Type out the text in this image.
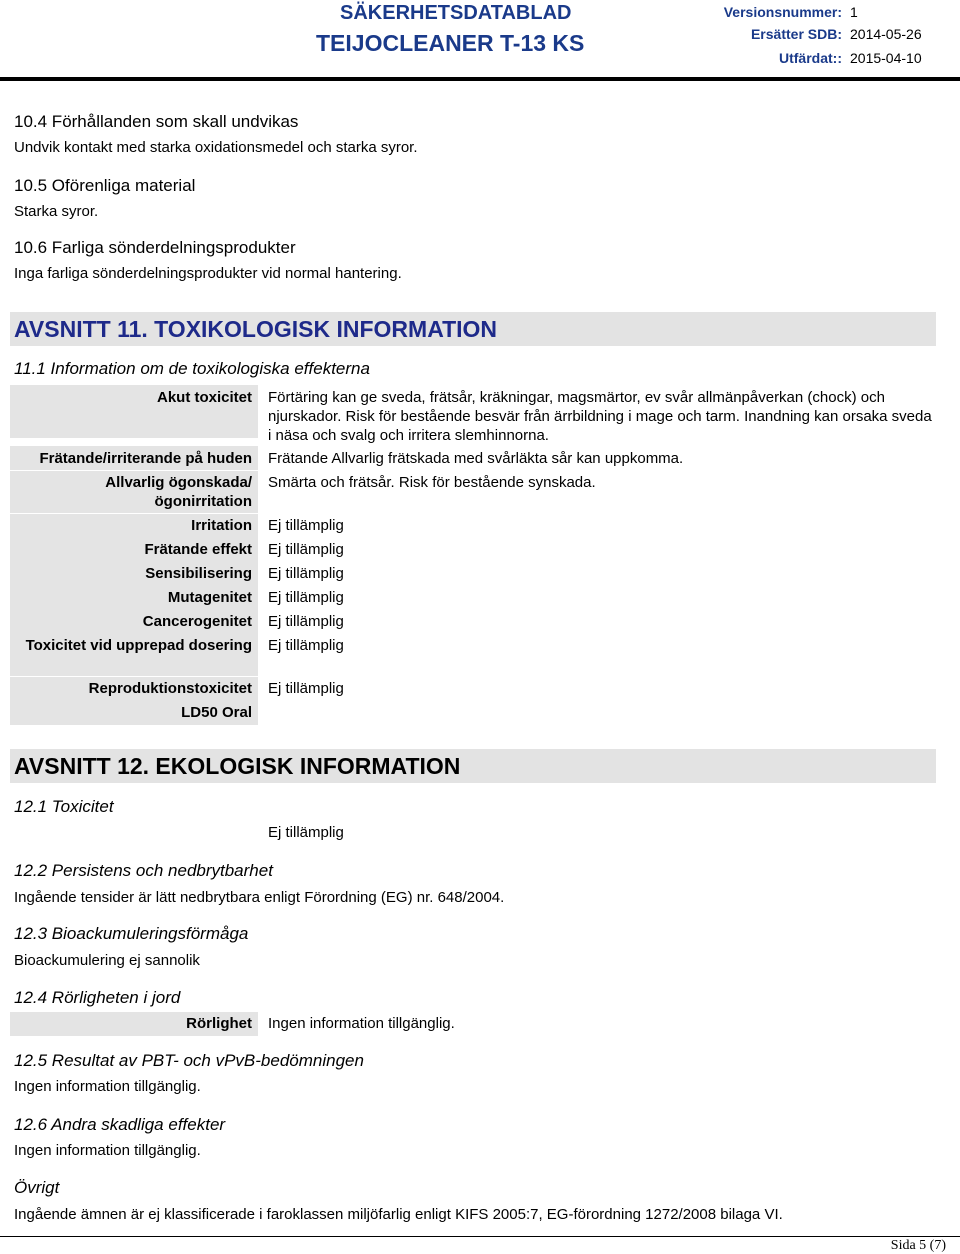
SÄKERHETSDATABLAD
TEIJOCLEANER T-13 KS
Versionsnummer: 1
Ersätter SDB: 2014-05-26
Utfärdat:: 2015-04-10
10.4 Förhållanden som skall undvikas
Undvik kontakt med starka oxidationsmedel och starka syror.
10.5 Oförenliga material
Starka syror.
10.6 Farliga sönderdelningsprodukter
Inga farliga sönderdelningsprodukter vid normal hantering.
AVSNITT 11. TOXIKOLOGISK INFORMATION
11.1 Information om de toxikologiska effekterna
Akut toxicitet Förtäring kan ge sveda, frätsår, kräkningar, magsmärtor, ev svår allmänpåverkan (chock) och njurskador. Risk för bestående besvär från ärrbildning i mage och tarm. Inandning kan orsaka sveda i näsa och svalg och irritera slemhinnorna.
Frätande/irriterande på huden Frätande Allvarlig frätskada med svårläkta sår kan uppkomma.
Allvarlig ögonskada/ögonirritation
Smärta och frätsår. Risk för bestående synskada.
Irritation Ej tillämplig
Frätande effekt Ej tillämplig
Sensibilisering Ej tillämplig
Mutagenitet Ej tillämplig
Cancerogenitet Ej tillämplig
Toxicitet vid upprepad dosering Ej tillämplig
Reproduktionstoxicitet Ej tillämplig
LD50 Oral
AVSNITT 12. EKOLOGISK INFORMATION
12.1 Toxicitet
Ej tillämplig
12.2 Persistens och nedbrytbarhet
Ingående tensider är lätt nedbrytbara enligt Förordning (EG) nr. 648/2004.
12.3 Bioackumuleringsförmåga
Bioackumulering ej sannolik
12.4 Rörligheten i jord
Rörlighet Ingen information tillgänglig.
12.5 Resultat av PBT- och vPvB-bedömningen
Ingen information tillgänglig.
12.6 Andra skadliga effekter
Ingen information tillgänglig.
Övrigt
Ingående ämnen är ej klassificerade i faroklassen miljöfarlig enligt KIFS 2005:7, EG-förordning 1272/2008 bilaga VI.
Sida 5 (7)
